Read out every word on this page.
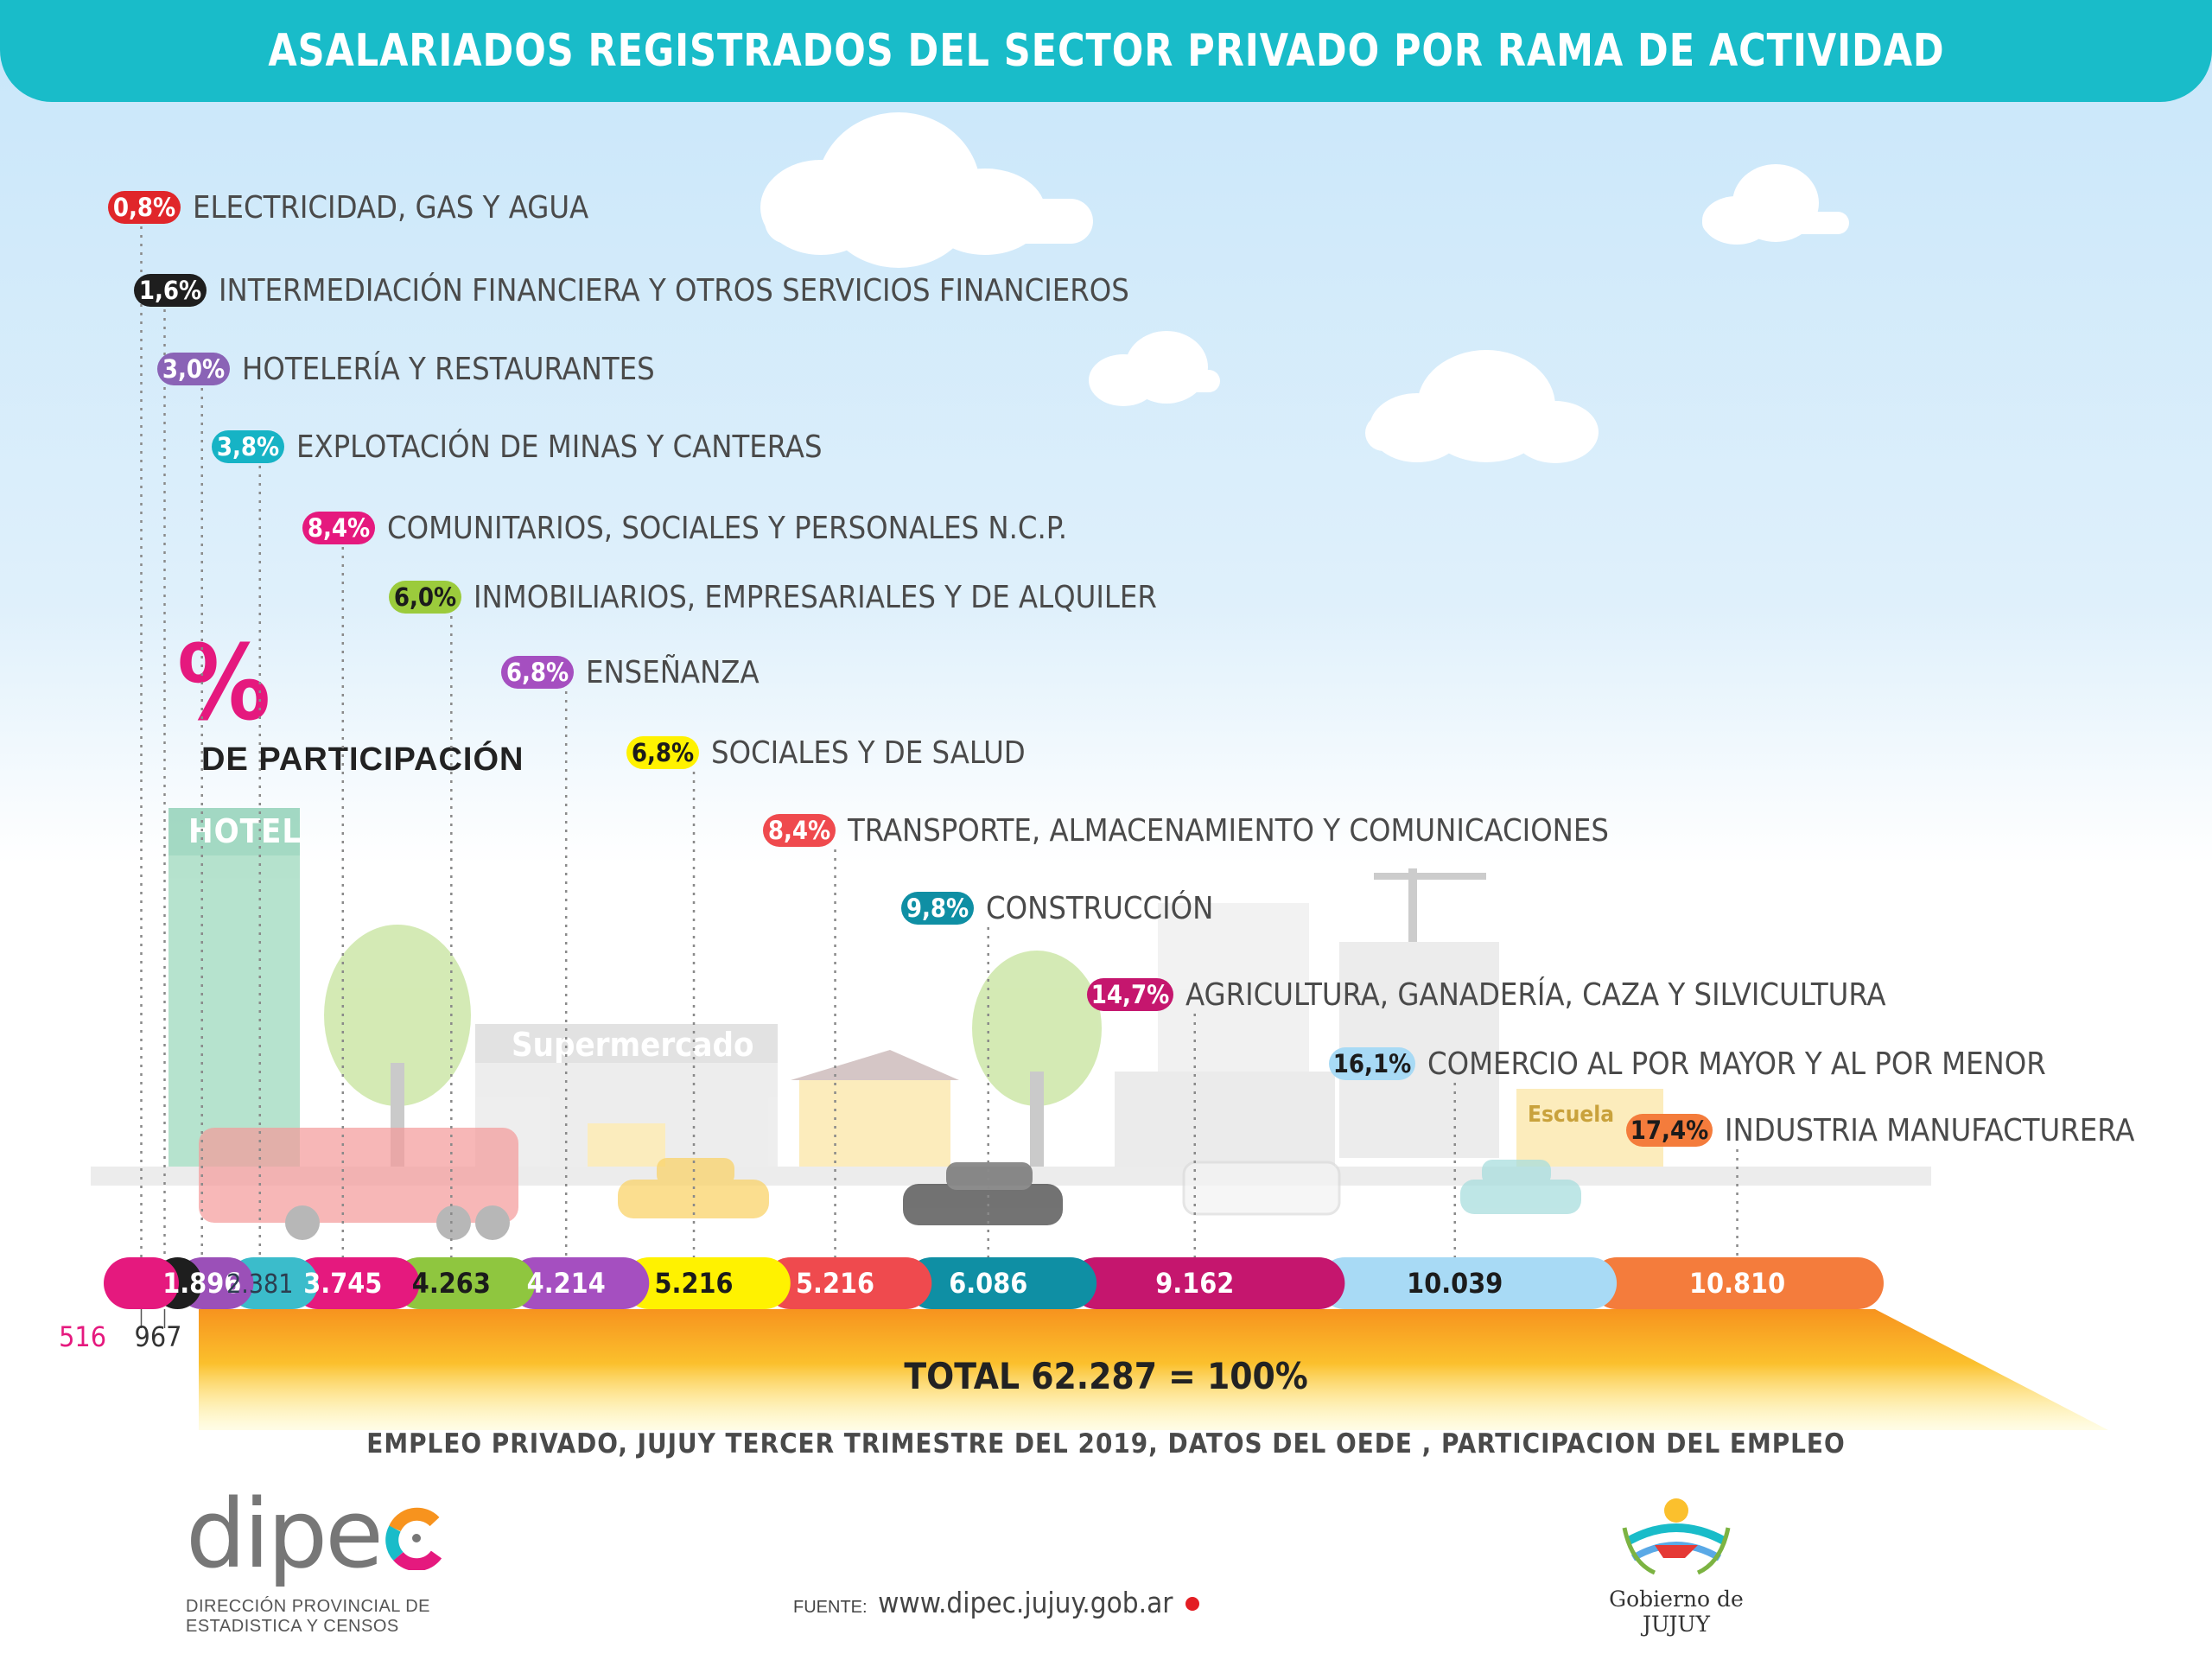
ASALARIADOS REGISTRADOS DEL SECTOR PRIVADO POR RAMA DE ACTIVIDAD
HOTEL
Supermercado
Escuela
%
DE PARTICIPACIÓN
516 967
1.896
2.381 3.745 4.263 4.214 5.216 5.216	6.086	9.162	10.039	10.810
0,8% ELECTRICIDAD, GAS Y AGUA
1,6% INTERMEDIACIÓN FINANCIERA Y OTROS SERVICIOS FINANCIEROS
3,0% HOTELERÍA Y RESTAURANTES
3,8% EXPLOTACIÓN DE MINAS Y CANTERAS
8,4% COMUNITARIOS, SOCIALES Y PERSONALES N.C.P.
6,0% INMOBILIARIOS, EMPRESARIALES Y DE ALQUILER
6,8% ENSEÑANZA
6,8% SOCIALES Y DE SALUD
8,4% TRANSPORTE, ALMACENAMIENTO Y COMUNICACIONES
9,8% CONSTRUCCIÓN
14,7% AGRICULTURA, GANADERÍA, CAZA Y SILVICULTURA
16,1% COMERCIO AL POR MAYOR Y AL POR MENOR
17,4% INDUSTRIA MANUFACTURERA
TOTAL 62.287 = 100%
EMPLEO PRIVADO, JUJUY TERCER TRIMESTRE DEL 2019, DATOS DEL OEDE , PARTICIPACION DEL EMPLEO
dipe
DIRECCIÓN PROVINCIAL DE
ESTADISTICA Y CENSOS
FUENTE: www.dipec.jujuy.gob.ar	Gobierno de JUJUY
